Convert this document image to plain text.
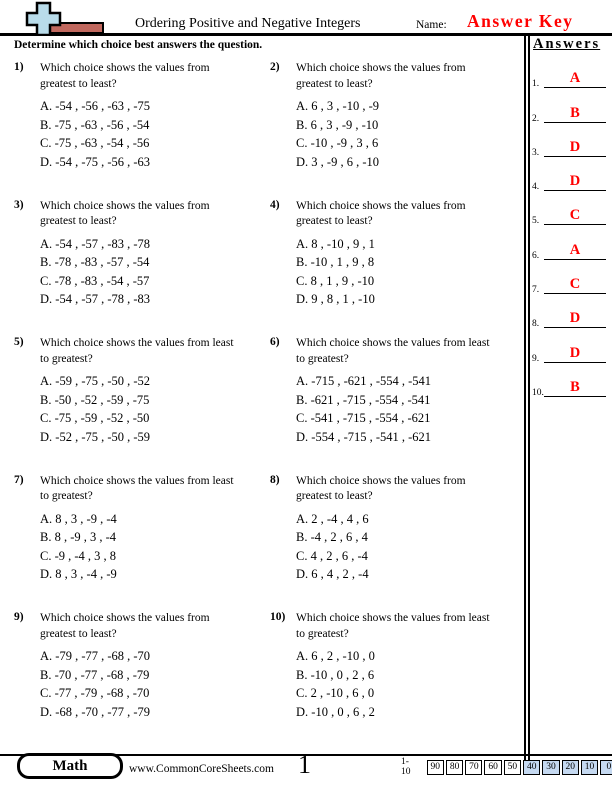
Ordering Positive and Negative Integers	Name: Answer Key
Determine which choice best answers the question.
1)	Which choice shows the values from
greatest to least?
A. -54 , -56 , -63 , -75
B. -75 , -63 , -56 , -54
C. -75 , -63 , -54 , -56
D. -54 , -75 , -56 , -63
2)	Which choice shows the values from
greatest to least?
A. 6 , 3 , -10 , -9
B. 6 , 3 , -9 , -10
C. -10 , -9 , 3 , 6
D. 3 , -9 , 6 , -10
3)	Which choice shows the values from
greatest to least?
A. -54 , -57 , -83 , -78
B. -78 , -83 , -57 , -54
C. -78 , -83 , -54 , -57
D. -54 , -57 , -78 , -83
4)	Which choice shows the values from
greatest to least?
A. 8 , -10 , 9 , 1
B. -10 , 1 , 9 , 8
C. 8 , 1 , 9 , -10
D. 9 , 8 , 1 , -10
5)	Which choice shows the values from least
to greatest?
A. -59 , -75 , -50 , -52
B. -50 , -52 , -59 , -75
C. -75 , -59 , -52 , -50
D. -52 , -75 , -50 , -59
6)	Which choice shows the values from least
to greatest?
A. -715 , -621 , -554 , -541
B. -621 , -715 , -554 , -541
C. -541 , -715 , -554 , -621
D. -554 , -715 , -541 , -621
7)	Which choice shows the values from least
to greatest?
A. 8 , 3 , -9 , -4
B. 8 , -9 , 3 , -4
C. -9 , -4 , 3 , 8
D. 8 , 3 , -4 , -9
8)	Which choice shows the values from
greatest to least?
A. 2 , -4 , 4 , 6
B. -4 , 2 , 6 , 4
C. 4 , 2 , 6 , -4
D. 6 , 4 , 2 , -4
9)	Which choice shows the values from
greatest to least?
A. -79 , -77 , -68 , -70
B. -70 , -77 , -68 , -79
C. -77 , -79 , -68 , -70
D. -68 , -70 , -77 , -79
10) Which choice shows the values from least
to greatest?
A. 6 , 2 , -10 , 0
B. -10 , 0 , 2 , 6
C. 2 , -10 , 6 , 0
D. -10 , 0 , 6 , 2
Answers
1.	A
2.	B
3.	D
4.	D
5.	C
6.	A
7.	C
8.	D
9.	D
10.	B
Math	www.CommonCoreSheets.com 1	1-10	90	80	70	60	50	40	30	20	10	0
